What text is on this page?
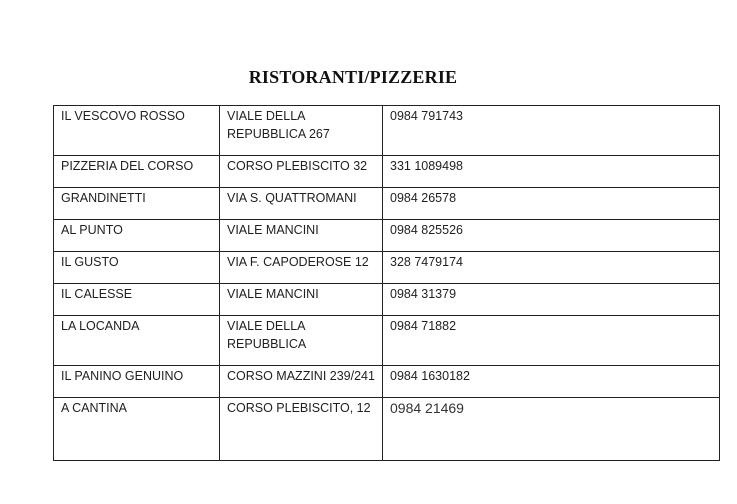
RISTORANTI/PIZZERIE
IL VESCOVO ROSSO	VIALE DELLA REPUBBLICA 267	0984 791743
PIZZERIA DEL CORSO	CORSO PLEBISCITO 32	331 1089498
GRANDINETTI	VIA S. QUATTROMANI	0984 26578
AL PUNTO	VIALE MANCINI	0984 825526
IL GUSTO	VIA F. CAPODEROSE 12	328 7479174
IL CALESSE	VIALE MANCINI	0984 31379
LA LOCANDA	VIALE DELLA REPUBBLICA	0984 71882
IL PANINO GENUINO	CORSO MAZZINI 239/241	0984 1630182
A CANTINA	CORSO PLEBISCITO, 12	0984 21469
